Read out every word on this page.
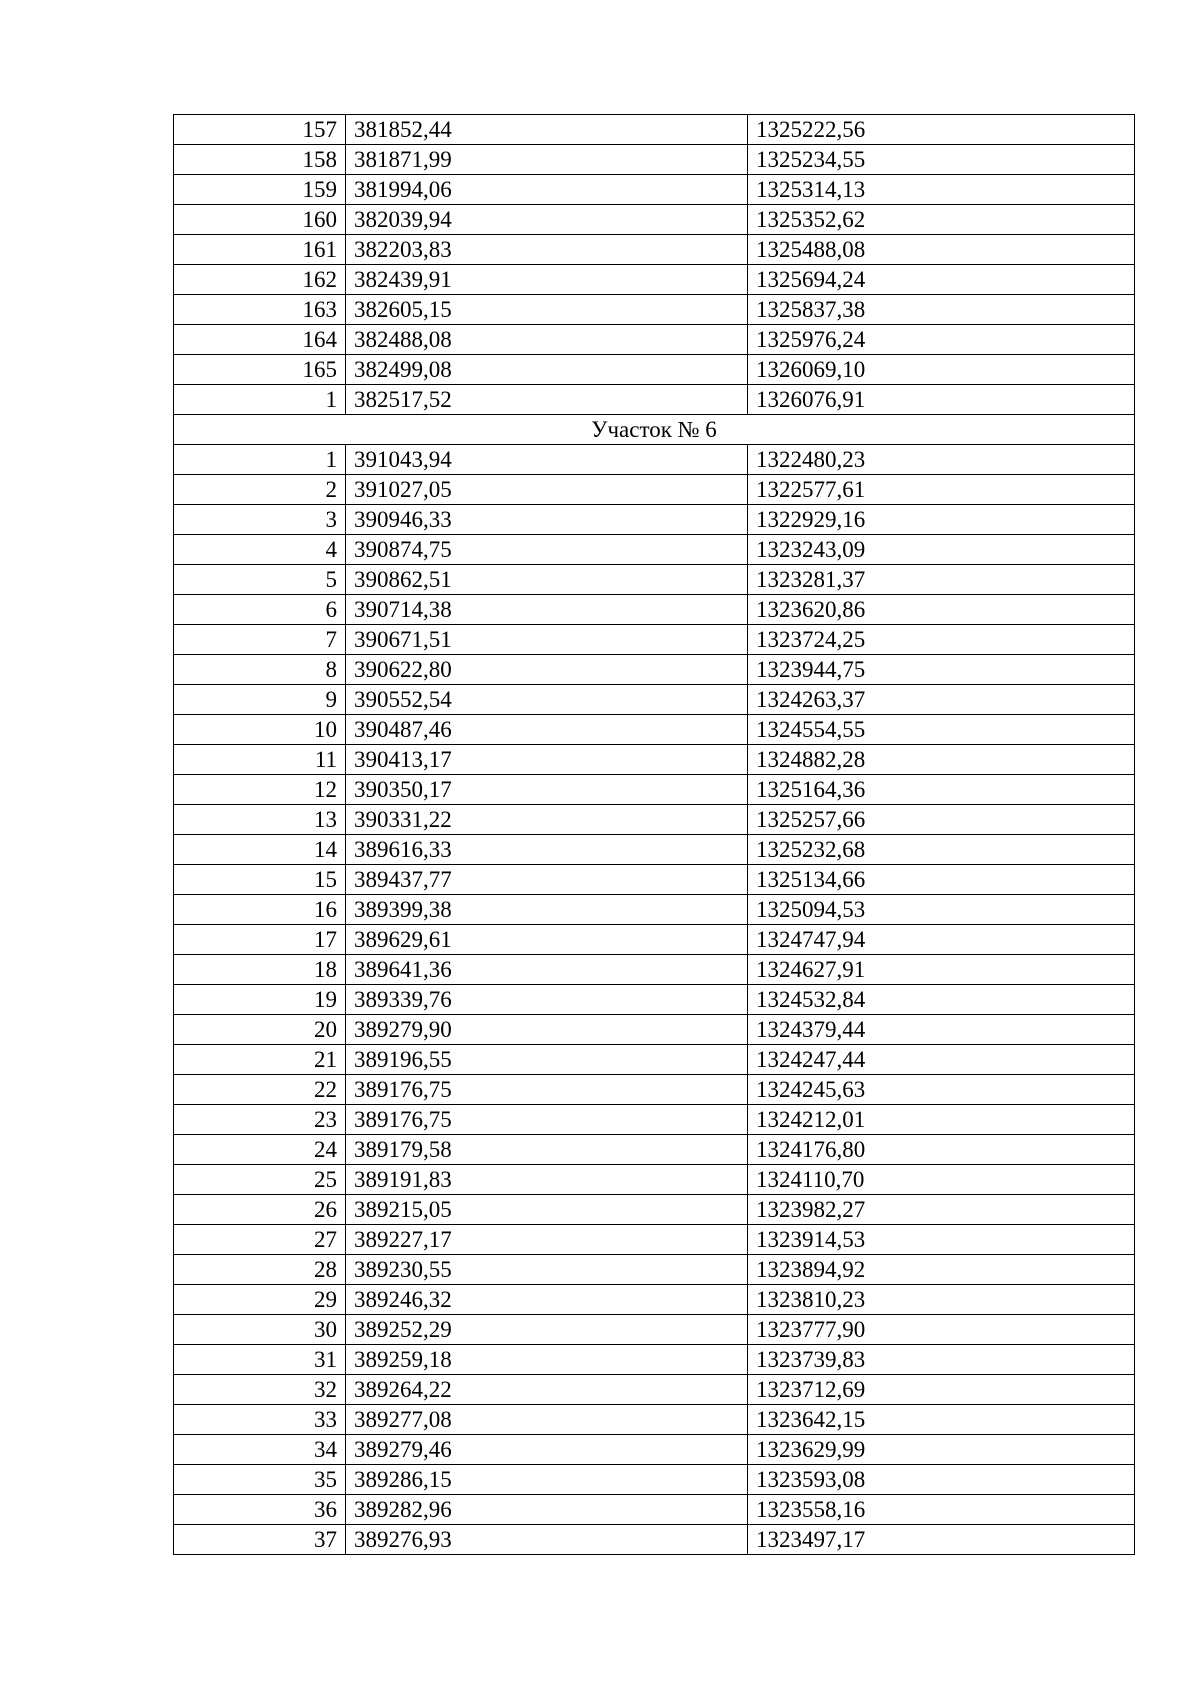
157	381852,44	1325222,56
158	381871,99	1325234,55
159	381994,06	1325314,13
160	382039,94	1325352,62
161	382203,83	1325488,08
162	382439,91	1325694,24
163	382605,15	1325837,38
164	382488,08	1325976,24
165	382499,08	1326069,10
1	382517,52	1326076,91
Участок № 6		
1	391043,94	1322480,23
2	391027,05	1322577,61
3	390946,33	1322929,16
4	390874,75	1323243,09
5	390862,51	1323281,37
6	390714,38	1323620,86
7	390671,51	1323724,25
8	390622,80	1323944,75
9	390552,54	1324263,37
10	390487,46	1324554,55
11	390413,17	1324882,28
12	390350,17	1325164,36
13	390331,22	1325257,66
14	389616,33	1325232,68
15	389437,77	1325134,66
16	389399,38	1325094,53
17	389629,61	1324747,94
18	389641,36	1324627,91
19	389339,76	1324532,84
20	389279,90	1324379,44
21	389196,55	1324247,44
22	389176,75	1324245,63
23	389176,75	1324212,01
24	389179,58	1324176,80
25	389191,83	1324110,70
26	389215,05	1323982,27
27	389227,17	1323914,53
28	389230,55	1323894,92
29	389246,32	1323810,23
30	389252,29	1323777,90
31	389259,18	1323739,83
32	389264,22	1323712,69
33	389277,08	1323642,15
34	389279,46	1323629,99
35	389286,15	1323593,08
36	389282,96	1323558,16
37	389276,93	1323497,17
